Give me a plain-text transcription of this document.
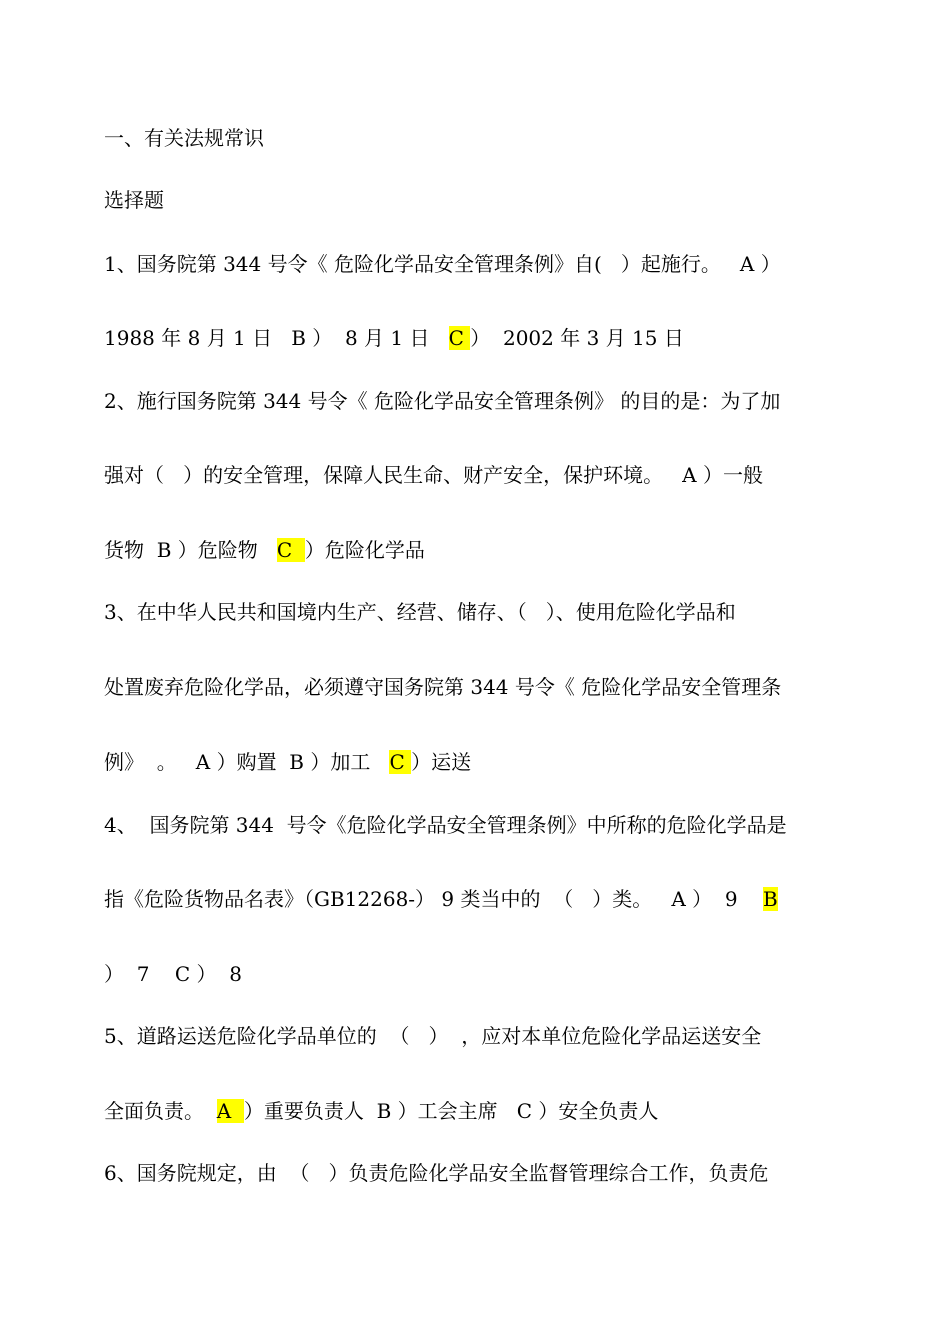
一、有关法规常识
选择题
1、国务院第 344 号令《 危险化学品安全管理条例》自(   ）起施行。   A ）
1988 年 8 月 1 日   B ）  8 月 1 日   C ）  2002 年 3 月 15 日
2、施行国务院第 344 号令《 危险化学品安全管理条例》 的目的是：为了加
强对（   ）的安全管理，保障人民生命、财产安全，保护环境。   A ）一般
货物  B ）危险物   C  ）危险化学品
3、在中华人民共和国境内生产、经营、储存、（   ）、使用危险化学品和
处置废弃危险化学品，必须遵守国务院第 344 号令《 危险化学品安全管理条
例》  。   A ）购置  B ）加工   C ）运送
4、  国务院第 344  号令《危险化学品安全管理条例》中所称的危险化学品是
指《危险货物品名表》（GB12268-） 9 类当中的  （   ）类。   A ）  9    B
）  7    C ）  8
5、道路运送危险化学品单位的  （   ）  ，应对本单位危险化学品运送安全
全面负责。  A  ）重要负责人  B ）工会主席   C ）安全负责人
6、国务院规定，由  （   ）负责危险化学品安全监督管理综合工作，负责危
